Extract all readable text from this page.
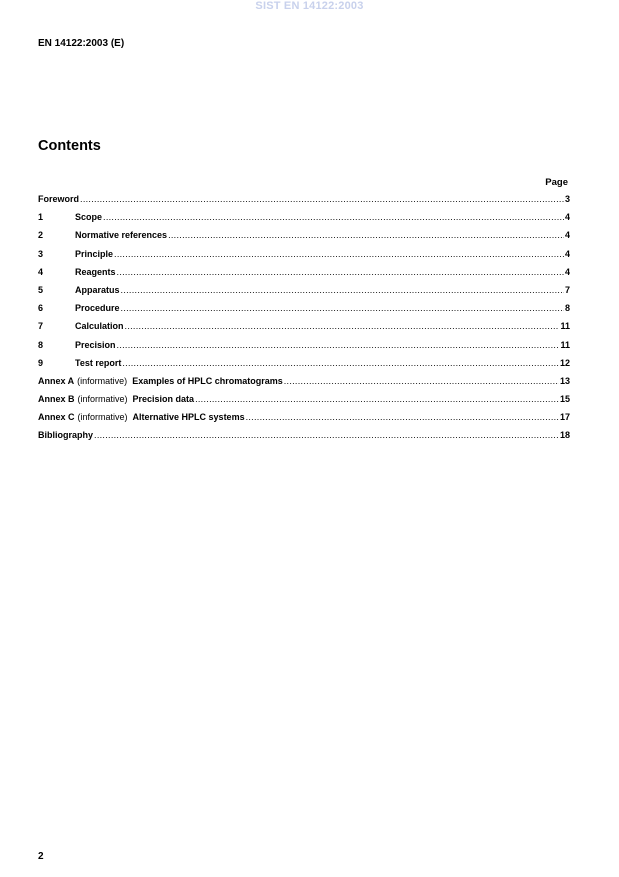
SIST EN 14122:2003
EN 14122:2003 (E)
Contents
Page
Foreword .....	3
1	Scope .....	4
2	Normative references .....	4
3	Principle .....	4
4	Reagents .....	4
5	Apparatus .....	7
6	Procedure .....	8
7	Calculation .....	11
8	Precision .....	11
9	Test report .....	12
Annex A (informative) Examples of HPLC chromatograms .....	13
Annex B (informative) Precision data .....	15
Annex C (informative) Alternative HPLC systems .....	17
Bibliography .....	18
2
